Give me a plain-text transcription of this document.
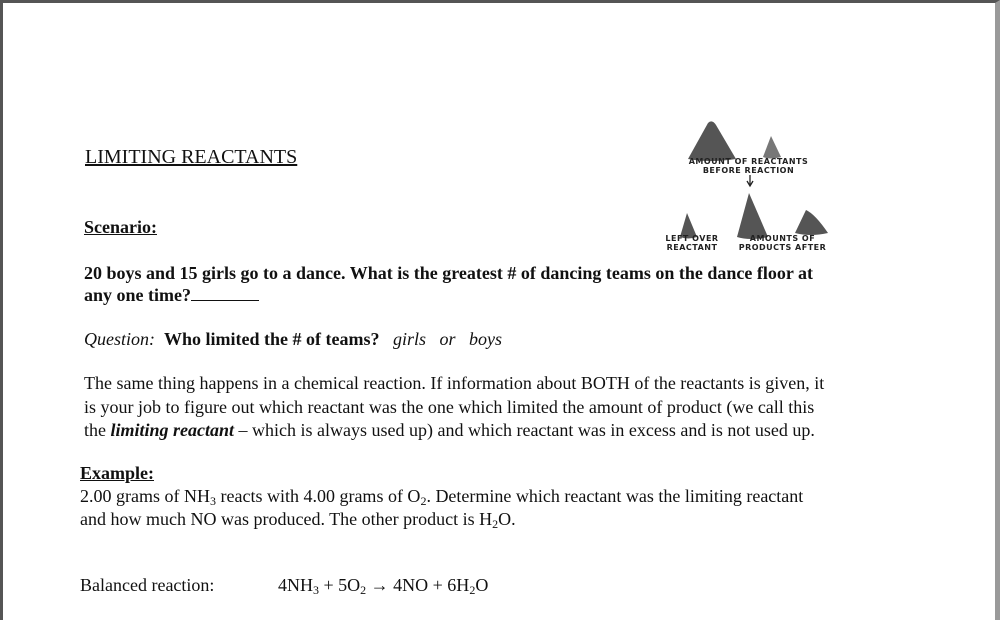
LIMITING REACTANTS	AMOUNT OF REACTANTS
BEFORE REACTION
LEFT OVER
REACTANT
AMOUNTS OF
PRODUCTS AFTER
Scenario:
20 boys and 15 girls go to a dance. What is the greatest # of dancing teams on the dance floor at
any one time?
Question: Who limited the # of teams? girls or boys
The same thing happens in a chemical reaction. If information about BOTH of the reactants is given, it
is your job to figure out which reactant was the one which limited the amount of product (we call this
the limiting reactant – which is always used up) and which reactant was in excess and is not used up.
Example:
2.00 grams of $NH_3$ reacts with 4.00 grams of $O_2$. Determine which reactant was the limiting reactant
and how much NO was produced. The other product is $H_2O$.
Balanced reaction:	$4NH_3 + 5O_2 \to 4NO + 6H_2O$
